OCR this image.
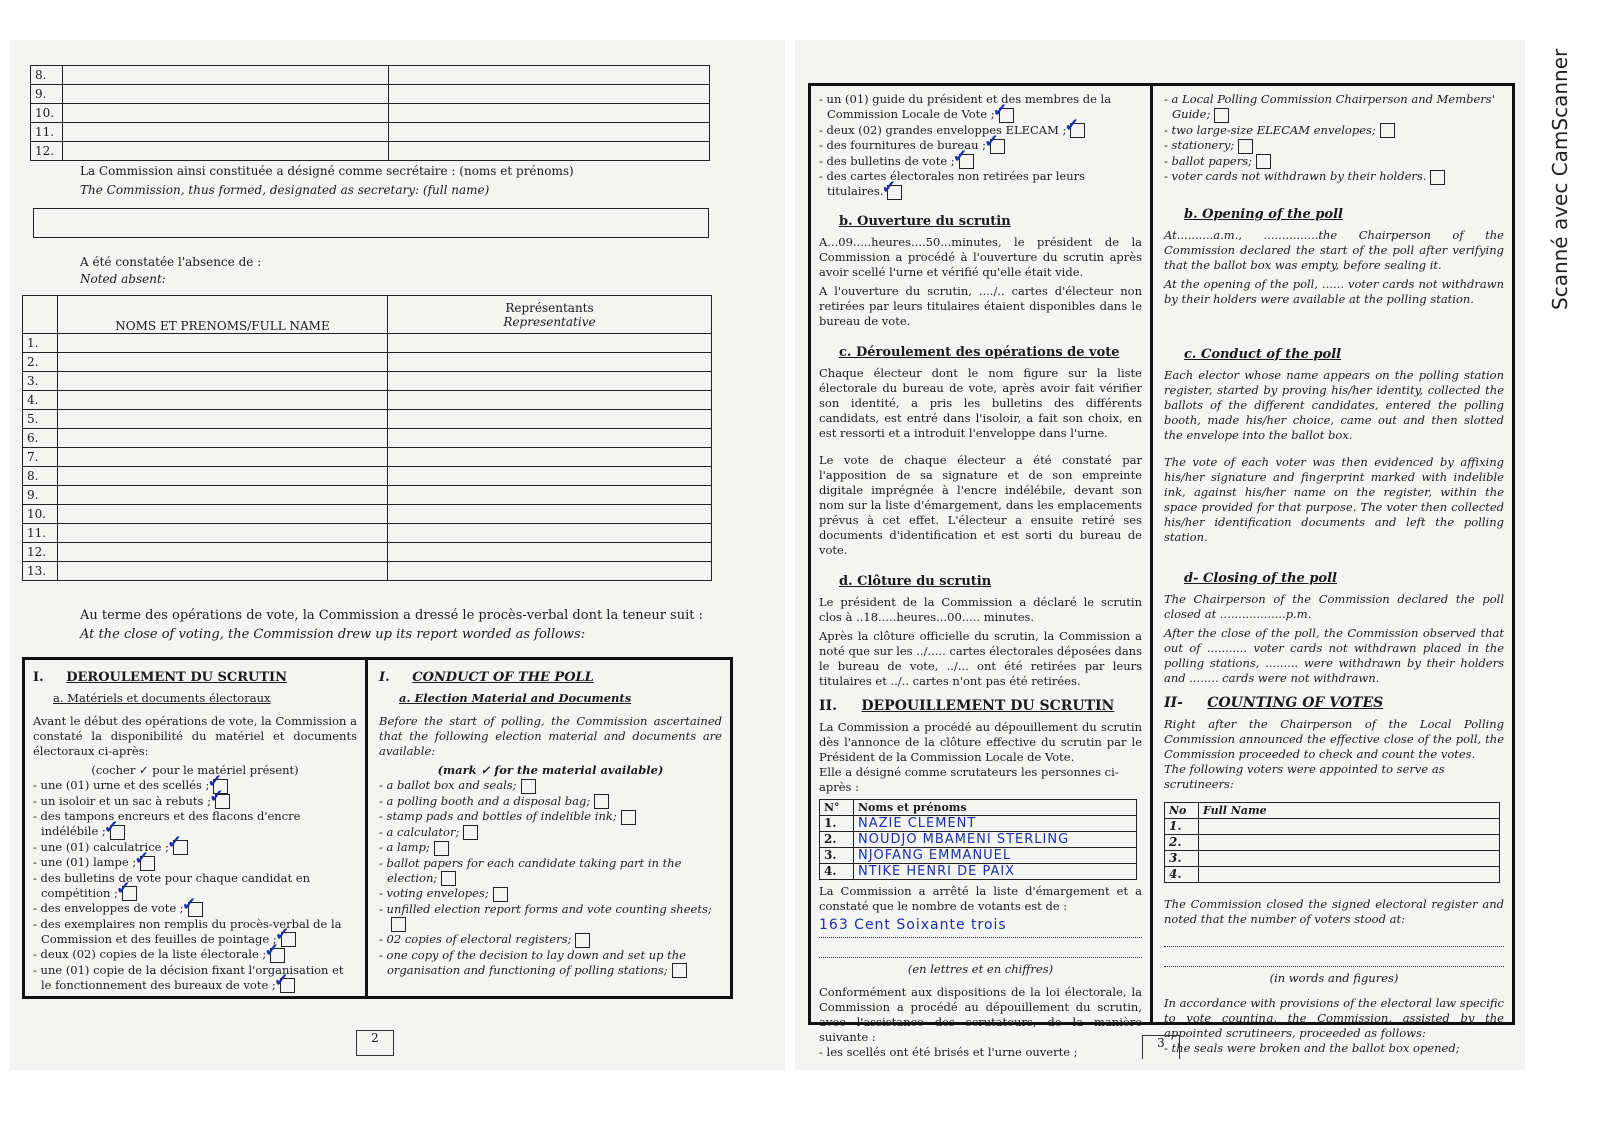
8.		
9.		
10.		
11.		
12.		
La Commission ainsi constituée a désigné comme secrétaire : (noms et prénoms)
The Commission, thus formed, designated as secretary: (full name)
A été constatée l'absence de :
Noted absent:
	NOMS ET PRENOMS/FULL NAME	Représentants
Representative

1.		
2.		
3.		
4.		
5.		
6.		
7.		
8.		
9.		
10.		
11.		
12.		
13.		
Au terme des opérations de vote, la Commission a dressé le procès-verbal dont la teneur suit :
At the close of voting, the Commission drew up its report worded as follows:
I. DEROULEMENT DU SCRUTIN
a. Matériels et documents électoraux

Avant le début des opérations de vote, la Commission a constaté la disponibilité du matériel et documents électoraux ci-après:

(cocher ✓ pour le matériel présent)
- une (01) urne et des scellés ;✓
- un isoloir et un sac à rebuts ;✓
- des tampons encreurs et des flacons d'encre indélébile ;✓
- une (01) calculatrice ;✓
- une (01) lampe ;✓
- des bulletins de vote pour chaque candidat en compétition ;✓
- des enveloppes de vote ;✓
- des exemplaires non remplis du procès-verbal de la Commission et des feuilles de pointage ;✓
- deux (02) copies de la liste électorale ;✓
- une (01) copie de la décision fixant l'organisation et le fonctionnement des bureaux de vote ;✓
I. CONDUCT OF THE POLL
a. Election Material and Documents

Before the start of polling, the Commission ascertained that the following election material and documents are available:

(mark ✓ for the material available)
- a ballot box and seals;
- a polling booth and a disposal bag;
- stamp pads and bottles of indelible ink;
- a calculator;
- a lamp;
- ballot papers for each candidate taking part in the election;
- voting envelopes;
- unfilled election report forms and vote counting sheets;
- 02 copies of electoral registers;
- one copy of the decision to lay down and set up the organisation and functioning of polling stations;
2
- un (01) guide du président et des membres de la Commission Locale de Vote ;✓
- deux (02) grandes enveloppes ELECAM ;✓
- des fournitures de bureau ;✓
- des bulletins de vote ;✓
- des cartes électorales non retirées par leurs titulaires.✓
b. Ouverture du scrutin

A...09.....heures....50...minutes, le président de la Commission a procédé à l'ouverture du scrutin après avoir scellé l'urne et vérifié qu'elle était vide.

A l'ouverture du scrutin, ..../.. cartes d'électeur non retirées par leurs titulaires étaient disponibles dans le bureau de vote.

c. Déroulement des opérations de vote

Chaque électeur dont le nom figure sur la liste électorale du bureau de vote, après avoir fait vérifier son identité, a pris les bulletins des différents candidats, est entré dans l'isoloir, a fait son choix, en est ressorti et a introduit l'enveloppe dans l'urne.

Le vote de chaque électeur a été constaté par l'apposition de sa signature et de son empreinte digitale imprégnée à l'encre indélébile, devant son nom sur la liste d'émargement, dans les emplacements prévus à cet effet. L'électeur a ensuite retiré ses documents d'identification et est sorti du bureau de vote.

d. Clôture du scrutin

Le président de la Commission a déclaré le scrutin clos à ..18.....heures...00..... minutes.

Après la clôture officielle du scrutin, la Commission a noté que sur les ../..... cartes électorales déposées dans le bureau de vote, ../... ont été retirées par leurs titulaires et ../.. cartes n'ont pas été retirées.

II. DEPOUILLEMENT DU SCRUTIN

La Commission a procédé au dépouillement du scrutin dès l'annonce de la clôture effective du scrutin par le Président de la Commission Locale de Vote.

Elle a désigné comme scrutateurs les personnes ci-après :
N°	Noms et prénoms
1.	NAZIE CLEMENT
2.	NOUDJO MBAMENI STERLING
3.	NJOFANG EMMANUEL
4.	NTIKE HENRI DE PAIX

La Commission a arrêté la liste d'émargement et a constaté que le nombre de votants est de :

163 Cent Soixante trois
(en lettres et en chiffres)

Conformément aux dispositions de la loi électorale, la Commission a procédé au dépouillement du scrutin, avec l'assistance des scrutateurs, de la manière suivante :

- les scellés ont été brisés et l'urne ouverte ;
- a Local Polling Commission Chairperson and Members' Guide;
- two large-size ELECAM envelopes;
- stationery;
- ballot papers;
- voter cards not withdrawn by their holders.
b. Opening of the poll

At..........a.m., ...............the Chairperson of the Commission declared the start of the poll after verifying that the ballot box was empty, before sealing it.

At the opening of the poll, ...... voter cards not withdrawn by their holders were available at the polling station.

c. Conduct of the poll

Each elector whose name appears on the polling station register, started by proving his/her identity, collected the ballots of the different candidates, entered the polling booth, made his/her choice, came out and then slotted the envelope into the ballot box.

The vote of each voter was then evidenced by affixing his/her signature and fingerprint marked with indelible ink, against his/her name on the register, within the space provided for that purpose. The voter then collected his/her identification documents and left the polling station.

d- Closing of the poll

The Chairperson of the Commission declared the poll closed at ..................p.m.

After the close of the poll, the Commission observed that out of ........... voter cards not withdrawn placed in the polling stations, ......... were withdrawn by their holders and ........ cards were not withdrawn.

II- COUNTING OF VOTES

Right after the Chairperson of the Local Polling Commission announced the effective close of the poll, the Commission proceeded to check and count the votes.

The following voters were appointed to serve as scrutineers:
No	Full Name
1.	
2.	
3.	
4.	

The Commission closed the signed electoral register and noted that the number of voters stood at:

(in words and figures)

In accordance with provisions of the electoral law specific to vote counting, the Commission, assisted by the appointed scrutineers, proceeded as follows:

- the seals were broken and the ballot box opened;
3
Scanné avec CamScanner
